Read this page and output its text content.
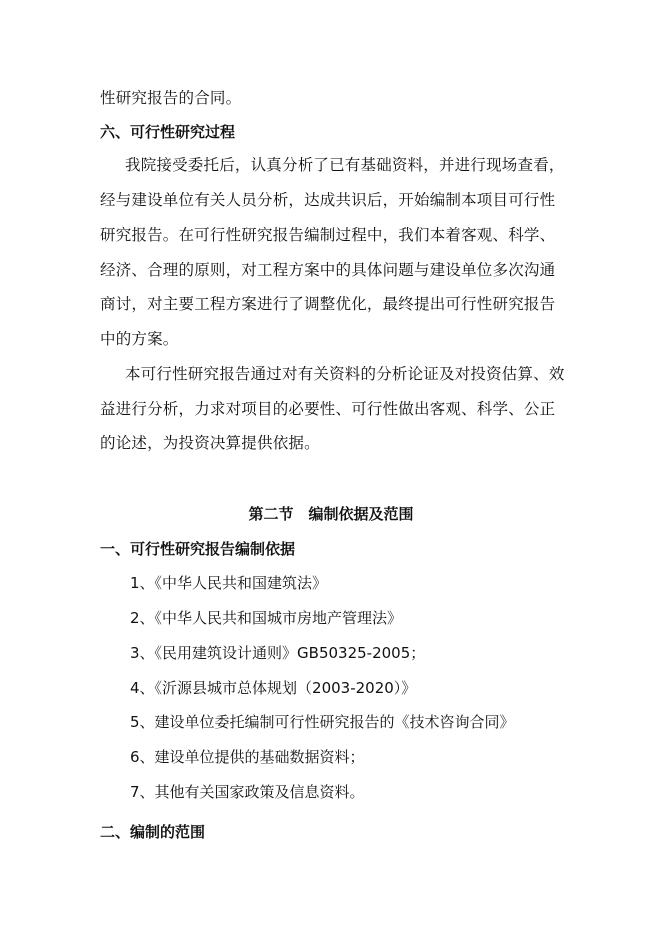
性研究报告的合同。
六、可行性研究过程
我院接受委托后，认真分析了已有基础资料，并进行现场查看，
经与建设单位有关人员分析，达成共识后，开始编制本项目可行性
研究报告。在可行性研究报告编制过程中，我们本着客观、科学、
经济、合理的原则，对工程方案中的具体问题与建设单位多次沟通
商讨，对主要工程方案进行了调整优化，最终提出可行性研究报告
中的方案。
本可行性研究报告通过对有关资料的分析论证及对投资估算、效
益进行分析，力求对项目的必要性、可行性做出客观、科学、公正
的论述，为投资决算提供依据。
第二节　编制依据及范围
一、可行性研究报告编制依据
1、《中华人民共和国建筑法》
2、《中华人民共和国城市房地产管理法》
3、《民用建筑设计通则》GB50325-2005；
4、《沂源县城市总体规划（2003-2020）》
5、建设单位委托编制可行性研究报告的《技术咨询合同》
6、建设单位提供的基础数据资料；
7、其他有关国家政策及信息资料。
二、编制的范围
